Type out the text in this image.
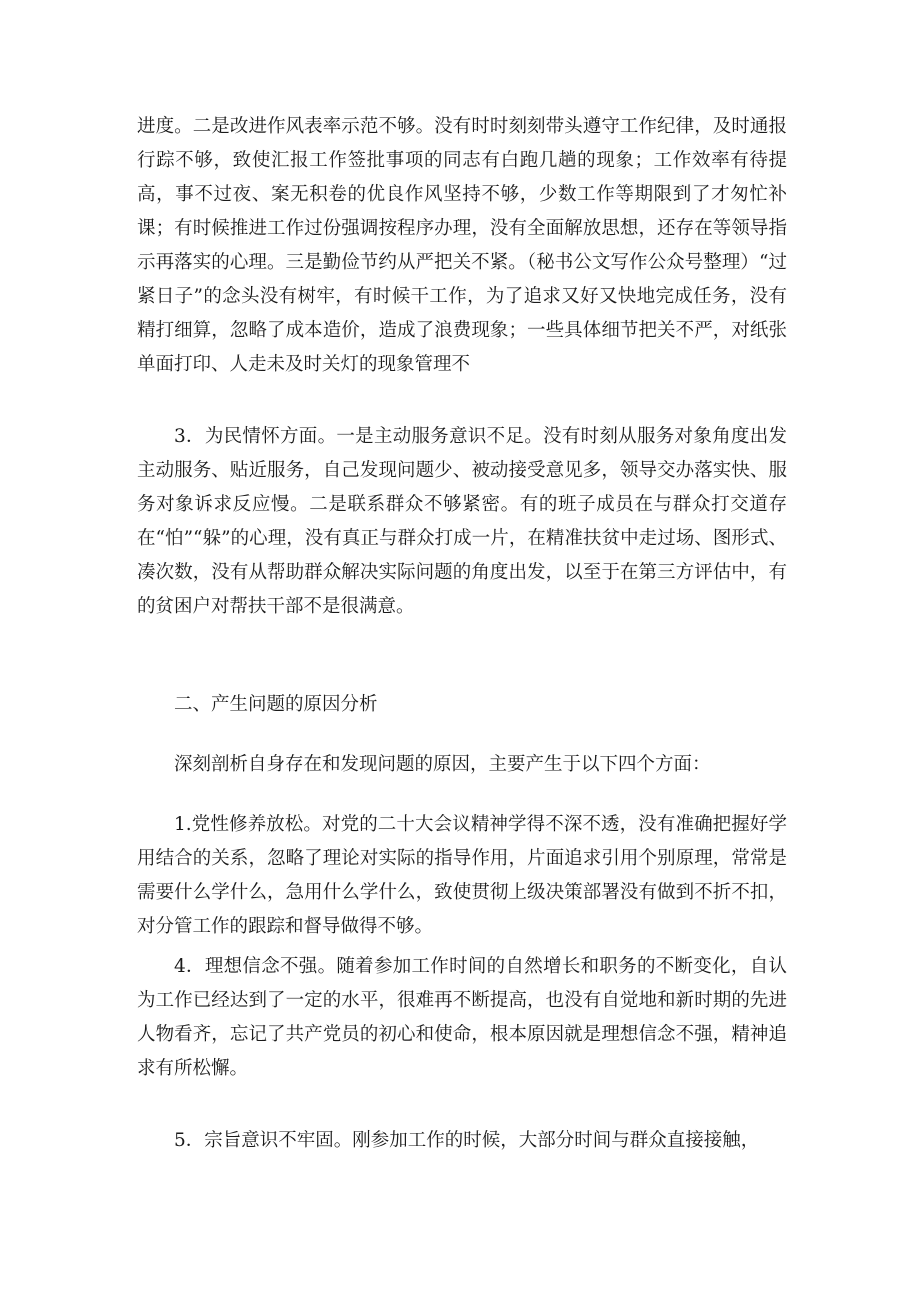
进度。二是改进作风表率示范不够。没有时时刻刻带头遵守工作纪律，及时通报行踪不够，致使汇报工作签批事项的同志有白跑几趟的现象；工作效率有待提高，事不过夜、案无积卷的优良作风坚持不够，少数工作等期限到了才匆忙补课；有时候推进工作过份强调按程序办理，没有全面解放思想，还存在等领导指示再落实的心理。三是勤俭节约从严把关不紧。（秘书公文写作公众号整理）“过紧日子”的念头没有树牢，有时候干工作，为了追求又好又快地完成任务，没有精打细算，忽略了成本造价，造成了浪费现象；一些具体细节把关不严，对纸张单面打印、人走未及时关灯的现象管理不

3．为民情怀方面。一是主动服务意识不足。没有时刻从服务对象角度出发主动服务、贴近服务，自己发现问题少、被动接受意见多，领导交办落实快、服务对象诉求反应慢。二是联系群众不够紧密。有的班子成员在与群众打交道存在“怕”“躲”的心理，没有真正与群众打成一片，在精准扶贫中走过场、图形式、凑次数，没有从帮助群众解决实际问题的角度出发，以至于在第三方评估中，有的贫困户对帮扶干部不是很满意。

二、产生问题的原因分析

深刻剖析自身存在和发现问题的原因，主要产生于以下四个方面：

1.党性修养放松。对党的二十大会议精神学得不深不透，没有准确把握好学用结合的关系，忽略了理论对实际的指导作用，片面追求引用个别原理，常常是需要什么学什么，急用什么学什么，致使贯彻上级决策部署没有做到不折不扣，对分管工作的跟踪和督导做得不够。

4．理想信念不强。随着参加工作时间的自然增长和职务的不断变化，自认为工作已经达到了一定的水平，很难再不断提高，也没有自觉地和新时期的先进人物看齐，忘记了共产党员的初心和使命，根本原因就是理想信念不强，精神追求有所松懈。

5．宗旨意识不牢固。刚参加工作的时候，大部分时间与群众直接接触，
